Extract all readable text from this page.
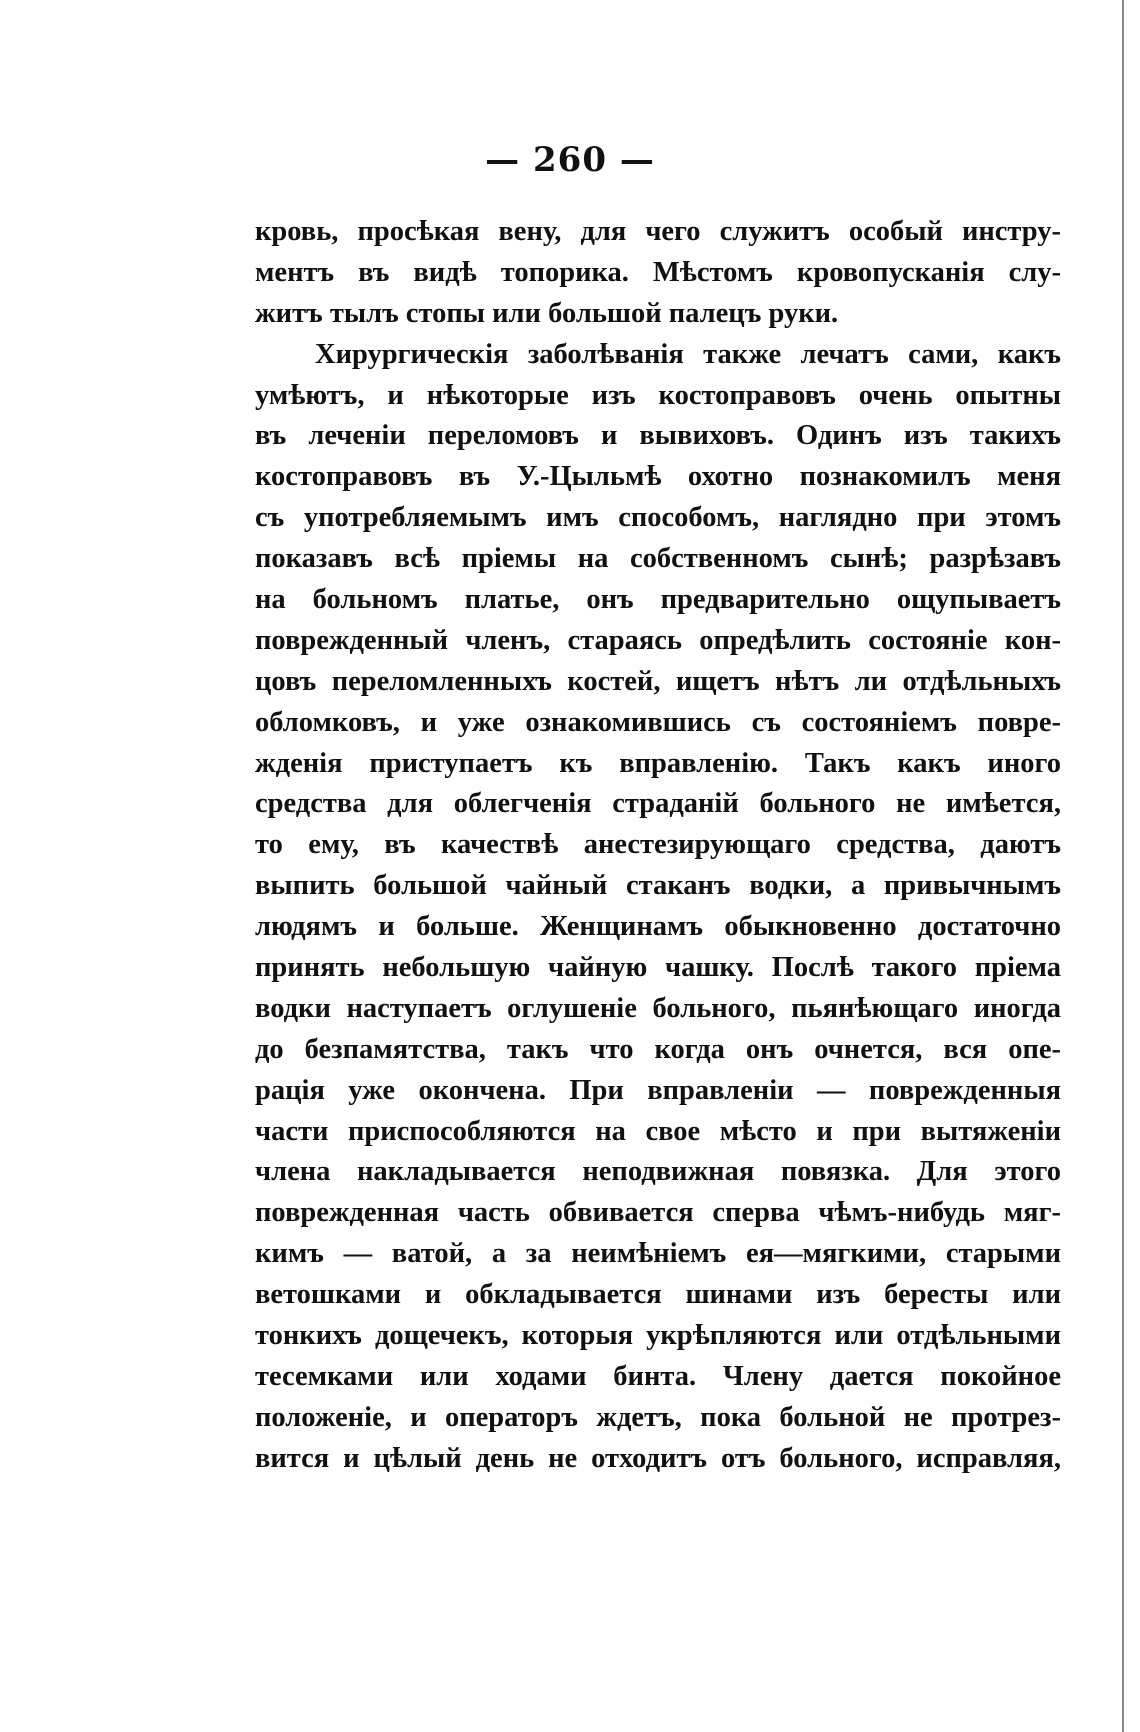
— 260 —
кровь, просѣкая вену, для чего служитъ особый инстру-
ментъ въ видѣ топорика. Мѣстомъ кровопусканія слу-
житъ тылъ стопы или большой палецъ руки.
Хирургическія заболѣванія также лечатъ сами, какъ
умѣютъ, и нѣкоторые изъ костоправовъ очень опытны
въ леченіи переломовъ и вывиховъ. Одинъ изъ такихъ
костоправовъ въ У.-Цыльмѣ охотно познакомилъ меня
съ употребляемымъ имъ способомъ, наглядно при этомъ
показавъ всѣ пріемы на собственномъ сынѣ; разрѣзавъ
на больномъ платье, онъ предварительно ощупываетъ
поврежденный членъ, стараясь опредѣлить состояніе кон-
цовъ переломленныхъ костей, ищетъ нѣтъ ли отдѣльныхъ
обломковъ, и уже ознакомившись съ состояніемъ повре-
жденія приступаетъ къ вправленію. Такъ какъ иного
средства для облегченія страданій больного не имѣется,
то ему, въ качествѣ анестезирующаго средства, даютъ
выпить большой чайный стаканъ водки, а привычнымъ
людямъ и больше. Женщинамъ обыкновенно достаточно
принять небольшую чайную чашку. Послѣ такого пріема
водки наступаетъ оглушеніе больного, пьянѣющаго иногда
до безпамятства, такъ что когда онъ очнется, вся опе-
рація уже окончена. При вправленіи — поврежденныя
части приспособляются на свое мѣсто и при вытяженіи
члена накладывается неподвижная повязка. Для этого
поврежденная часть обвивается сперва чѣмъ-нибудь мяг-
кимъ — ватой, а за неимѣніемъ ея—мягкими, старыми
ветошками и обкладывается шинами изъ бересты или
тонкихъ дощечекъ, которыя укрѣпляются или отдѣльными
тесемками или ходами бинта. Члену дается покойное
положеніе, и операторъ ждетъ, пока больной не протрез-
вится и цѣлый день не отходитъ отъ больного, исправляя,
